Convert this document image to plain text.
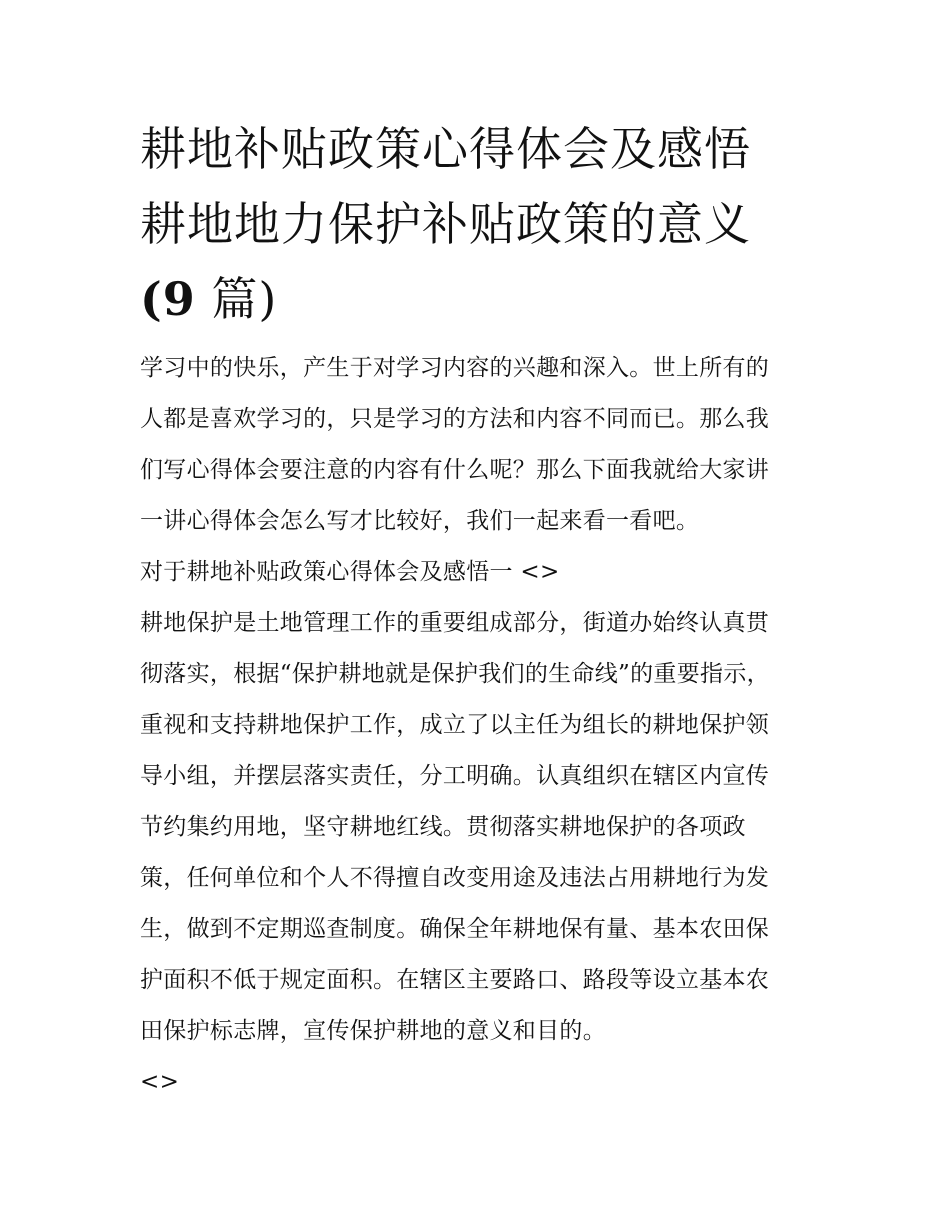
耕地补贴政策心得体会及感悟
耕地地力保护补贴政策的意义
(9 篇)

学习中的快乐，产生于对学习内容的兴趣和深入。世上所有的
人都是喜欢学习的，只是学习的方法和内容不同而已。那么我
们写心得体会要注意的内容有什么呢？那么下面我就给大家讲
一讲心得体会怎么写才比较好，我们一起来看一看吧。

对于耕地补贴政策心得体会及感悟一 <>

耕地保护是土地管理工作的重要组成部分，街道办始终认真贯
彻落实，根据“保护耕地就是保护我们的生命线”的重要指示，
重视和支持耕地保护工作，成立了以主任为组长的耕地保护领
导小组，并摆层落实责任，分工明确。认真组织在辖区内宣传
节约集约用地，坚守耕地红线。贯彻落实耕地保护的各项政
策，任何单位和个人不得擅自改变用途及违法占用耕地行为发
生，做到不定期巡查制度。确保全年耕地保有量、基本农田保
护面积不低于规定面积。在辖区主要路口、路段等设立基本农
田保护标志牌，宣传保护耕地的意义和目的。

<>
